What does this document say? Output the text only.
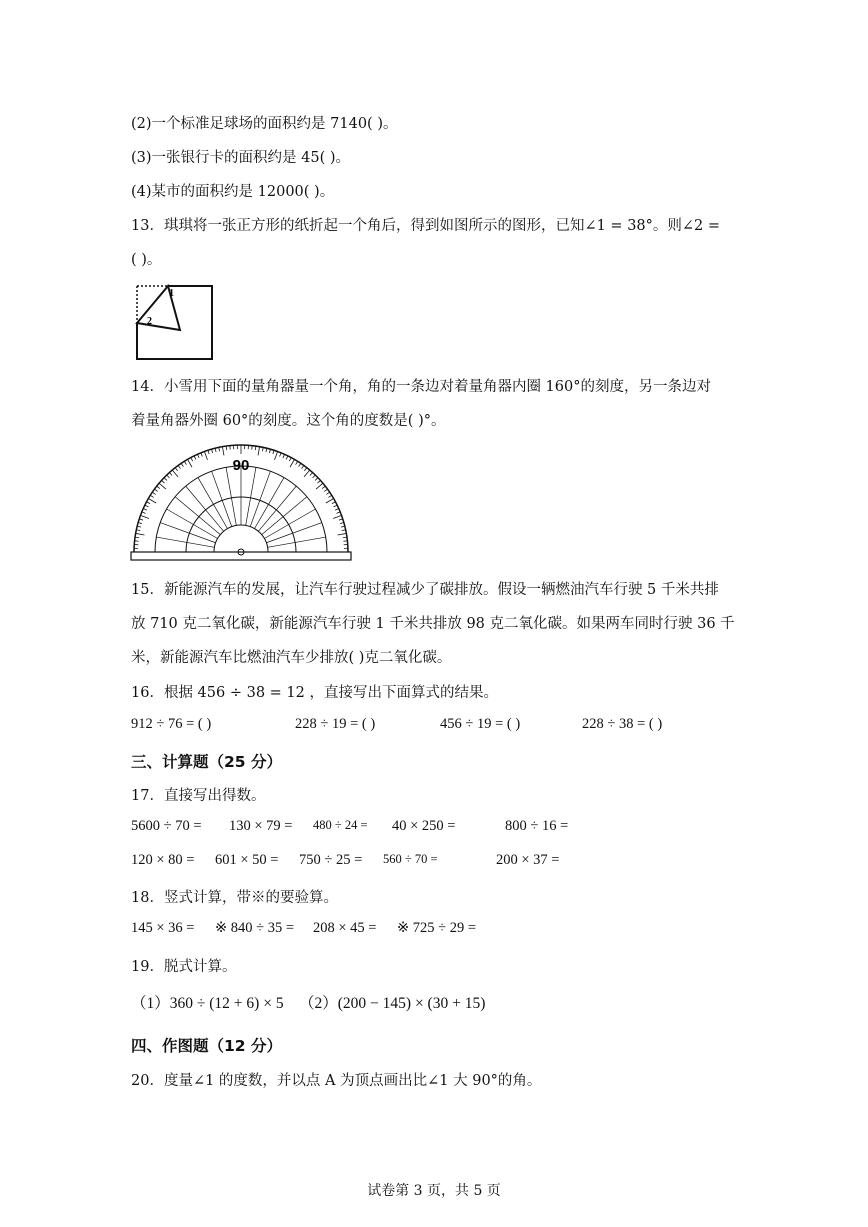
(2)一个标准足球场的面积约是 7140( )。
(3)一张银行卡的面积约是 45( )。
(4)某市的面积约是 12000( )。
13．琪琪将一张正方形的纸折起一个角后，得到如图所示的图形，已知∠1 = 38°。则∠2 =
( )。
1
2
14．小雪用下面的量角器量一个角，角的一条边对着量角器内圈 160°的刻度，另一条边对
着量角器外圈 60°的刻度。这个角的度数是( )°。
90
15．新能源汽车的发展，让汽车行驶过程减少了碳排放。假设一辆燃油汽车行驶 5 千米共排
放 710 克二氧化碳，新能源汽车行驶 1 千米共排放 98 克二氧化碳。如果两车同时行驶 36 千
米，新能源汽车比燃油汽车少排放( )克二氧化碳。
16．根据 456 ÷ 38 = 12 ，直接写出下面算式的结果。
912 ÷ 76 = ( )	228 ÷ 19 = ( )	456 ÷ 19 = ( )	228 ÷ 38 = ( )
三、计算题（25 分）
17．直接写出得数。
5600 ÷ 70 =	130 × 79 =	480 ÷ 24 =	40 × 250 =	800 ÷ 16 =
120 × 80 =	601 × 50 =	750 ÷ 25 =	560 ÷ 70 =	200 × 37 =
18．竖式计算，带※的要验算。
145 × 36 =	※ 840 ÷ 35 =	208 × 45 =	※ 725 ÷ 29 =
19．脱式计算。
（1）360 ÷ (12 + 6) × 5 （2）(200 − 145) × (30 + 15)
四、作图题（12 分）
20．度量∠1 的度数，并以点 A 为顶点画出比∠1 大 90°的角。
试卷第 3 页，共 5 页
